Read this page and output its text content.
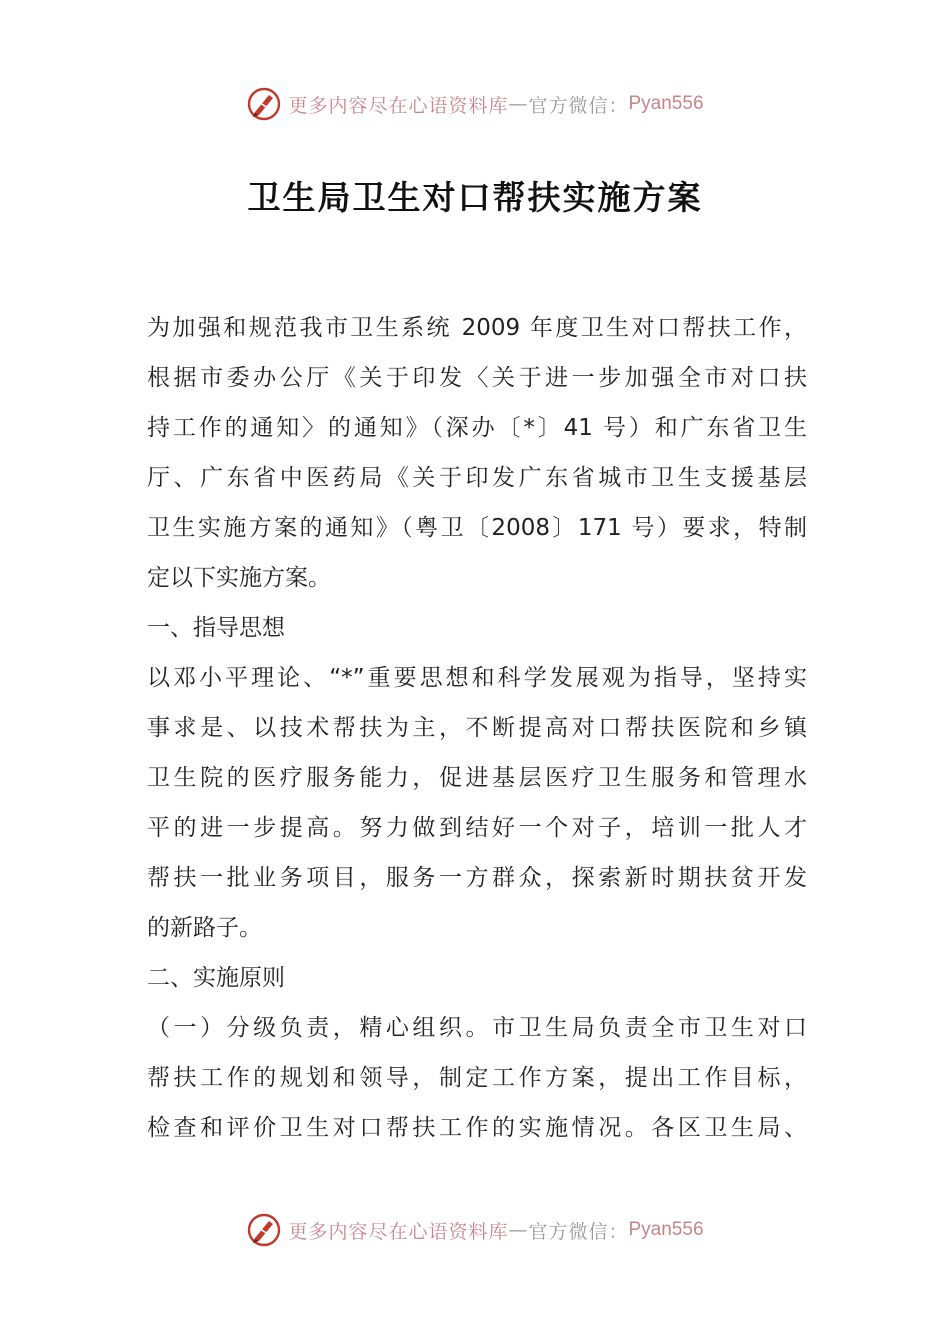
更多内容尽在心语资料库 — 官方微信： Pyan556
卫生局卫生对口帮扶实施方案
为加强和规范我市卫生系统 2009 年度卫生对口帮扶工作，
根据市委办公厅《关于印发〈关于进一步加强全市对口扶
持工作的通知〉的通知》（深办〔*〕41 号）和广东省卫生
厅、广东省中医药局《关于印发广东省城市卫生支援基层
卫生实施方案的通知》（粤卫〔2008〕171 号）要求，特制
定以下实施方案。
一、指导思想
以邓小平理论、“*”重要思想和科学发展观为指导，坚持实
事求是、以技术帮扶为主，不断提高对口帮扶医院和乡镇
卫生院的医疗服务能力，促进基层医疗卫生服务和管理水
平的进一步提高。努力做到结好一个对子，培训一批人才
帮扶一批业务项目，服务一方群众，探索新时期扶贫开发
的新路子。
二、实施原则
（一）分级负责，精心组织。市卫生局负责全市卫生对口
帮扶工作的规划和领导，制定工作方案，提出工作目标，
检查和评价卫生对口帮扶工作的实施情况。各区卫生局、
更多内容尽在心语资料库 — 官方微信： Pyan556
